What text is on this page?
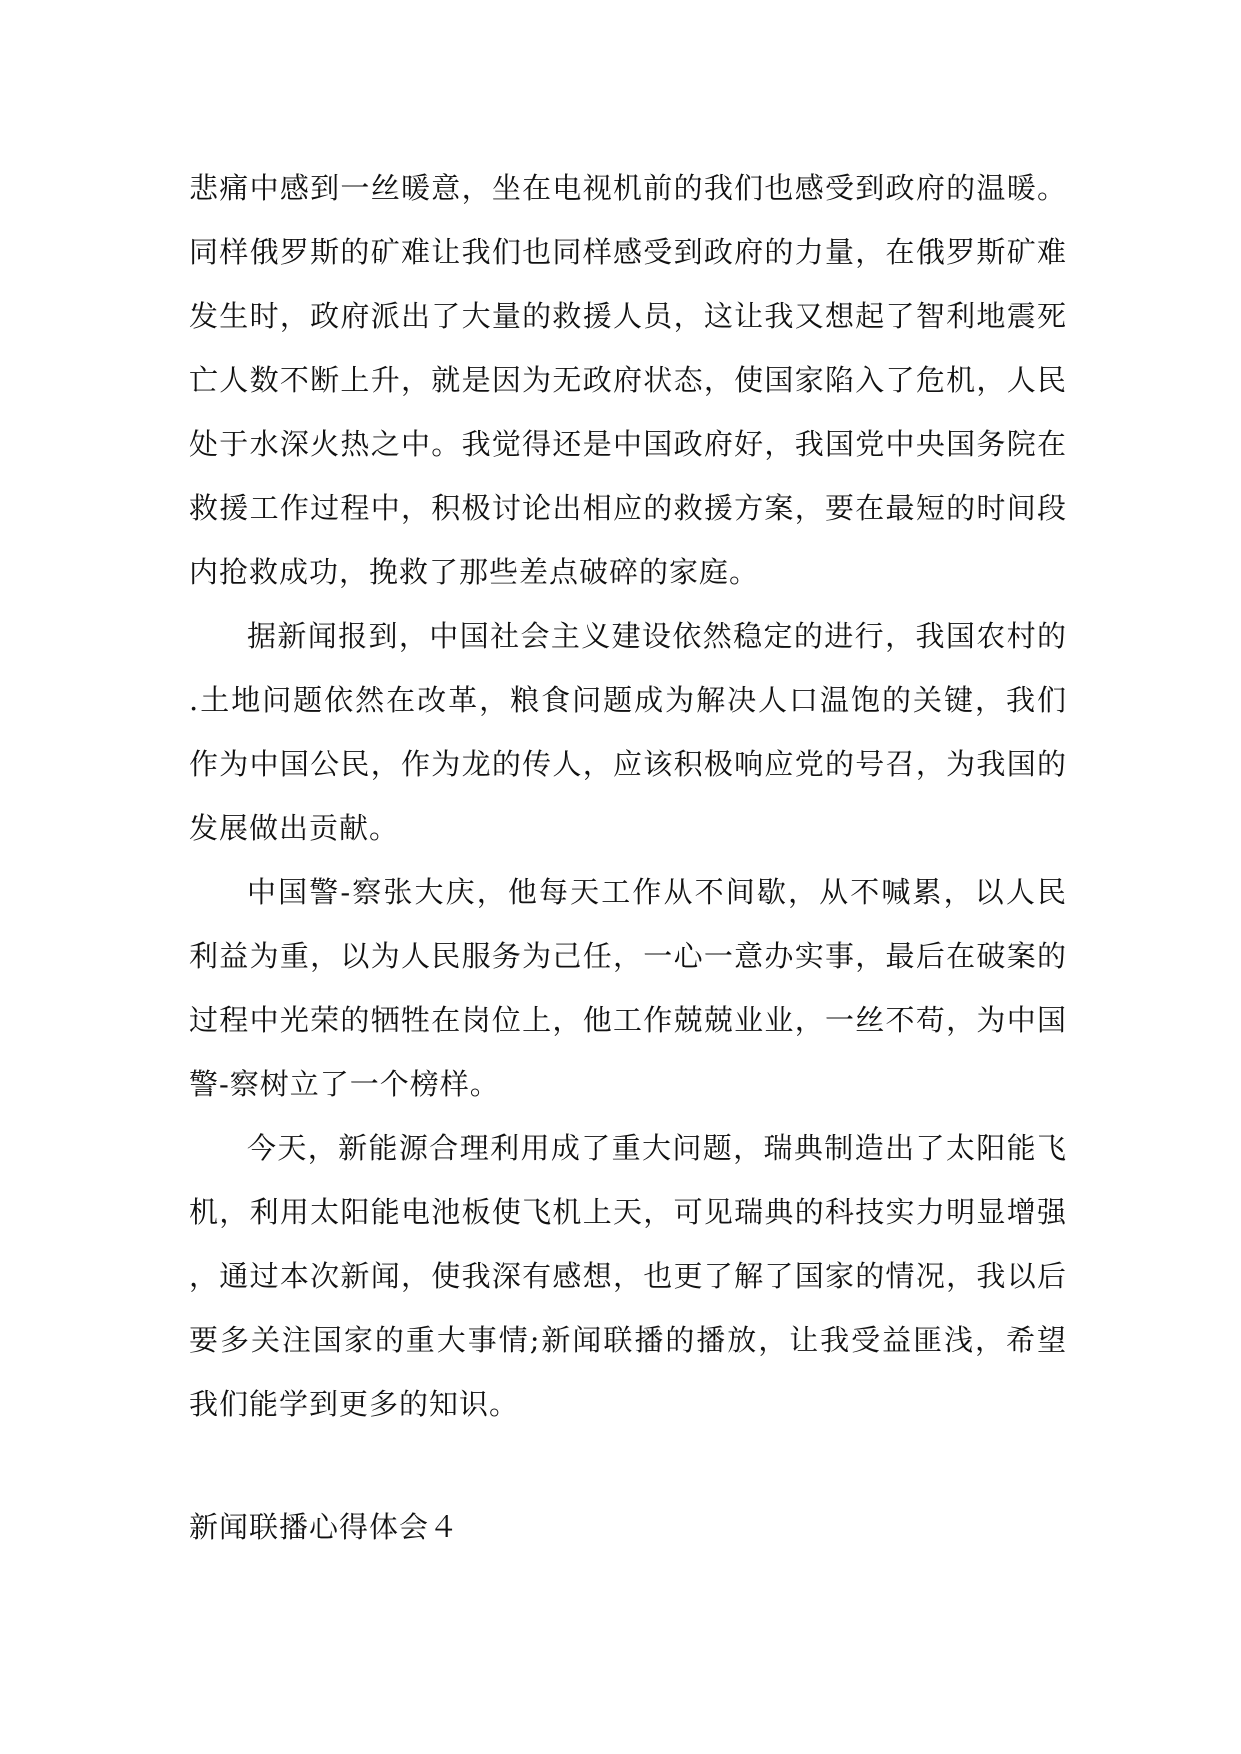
悲痛中感到一丝暖意，坐在电视机前的我们也感受到政府的温暖。同样俄罗斯的矿难让我们也同样感受到政府的力量，在俄罗斯矿难发生时，政府派出了大量的救援人员，这让我又想起了智利地震死亡人数不断上升，就是因为无政府状态，使国家陷入了危机，人民处于水深火热之中。我觉得还是中国政府好，我国党中央国务院在救援工作过程中，积极讨论出相应的救援方案，要在最短的时间段内抢救成功，挽救了那些差点破碎的家庭。

据新闻报到，中国社会主义建设依然稳定的进行，我国农村的.土地问题依然在改革，粮食问题成为解决人口温饱的关键，我们作为中国公民，作为龙的传人，应该积极响应党的号召，为我国的发展做出贡献。

中国警-察张大庆，他每天工作从不间歇，从不喊累，以人民利益为重，以为人民服务为己任，一心一意办实事，最后在破案的过程中光荣的牺牲在岗位上，他工作兢兢业业，一丝不苟，为中国警-察树立了一个榜样。

今天，新能源合理利用成了重大问题，瑞典制造出了太阳能飞机，利用太阳能电池板使飞机上天，可见瑞典的科技实力明显增强，通过本次新闻，使我深有感想，也更了解了国家的情况，我以后要多关注国家的重大事情;新闻联播的播放，让我受益匪浅，希望我们能学到更多的知识。

新闻联播心得体会４
